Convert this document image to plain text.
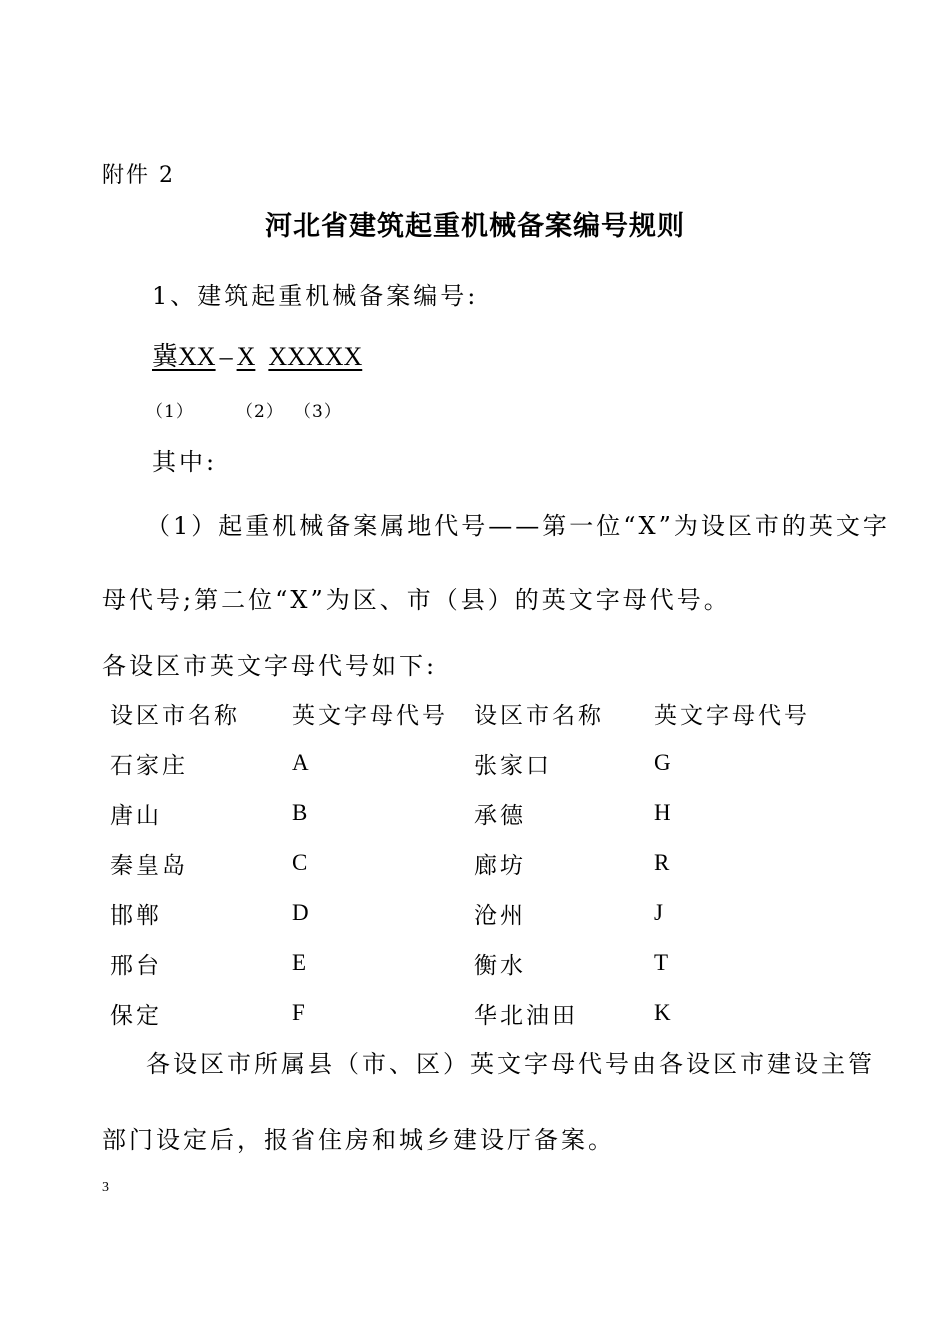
附件 2
河北省建筑起重机械备案编号规则
1、建筑起重机械备案编号:
冀XX – X XXXXX
（1） （2） （3）
其中:
（1）起重机械备案属地代号——第一位“X”为设区市的英文字
母代号;第二位“X”为区、市（县）的英文字母代号。
各设区市英文字母代号如下:
设区市名称	英文字母代号	设区市名称	英文字母代号
石家庄	A	张家口	G
唐山	B	承德	H
秦皇岛	C	廊坊	R
邯郸	D	沧州	J
邢台	E	衡水	T
保定	F	华北油田	K
各设区市所属县（市、区）英文字母代号由各设区市建设主管
部门设定后，报省住房和城乡建设厅备案。
3
